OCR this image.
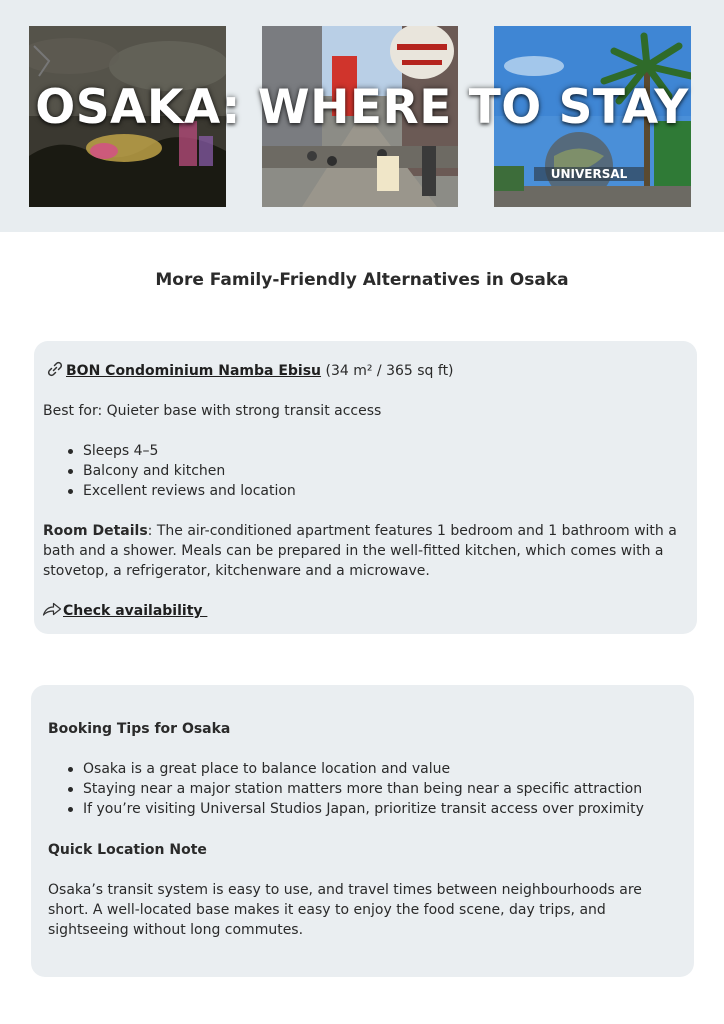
UNIVERSAL
OSAKA: WHERE TO STAY
More Family-Friendly Alternatives in Osaka
BON Condominium Namba Ebisu (34 m² / 365 sq ft)
Best for: Quieter base with strong transit access
Sleeps 4–5
Balcony and kitchen
Excellent reviews and location
Room Details: The air-conditioned apartment features 1 bedroom and 1 bathroom with a bath and a shower. Meals can be prepared in the well-fitted kitchen, which comes with a stovetop, a refrigerator, kitchenware and a microwave.
Check availability
Booking Tips for Osaka
Osaka is a great place to balance location and value
Staying near a major station matters more than being near a specific attraction
If you’re visiting Universal Studios Japan, prioritize transit access over proximity
Quick Location Note
Osaka’s transit system is easy to use, and travel times between neighbourhoods are short. A well-located base makes it easy to enjoy the food scene, day trips, and sightseeing without long commutes.
